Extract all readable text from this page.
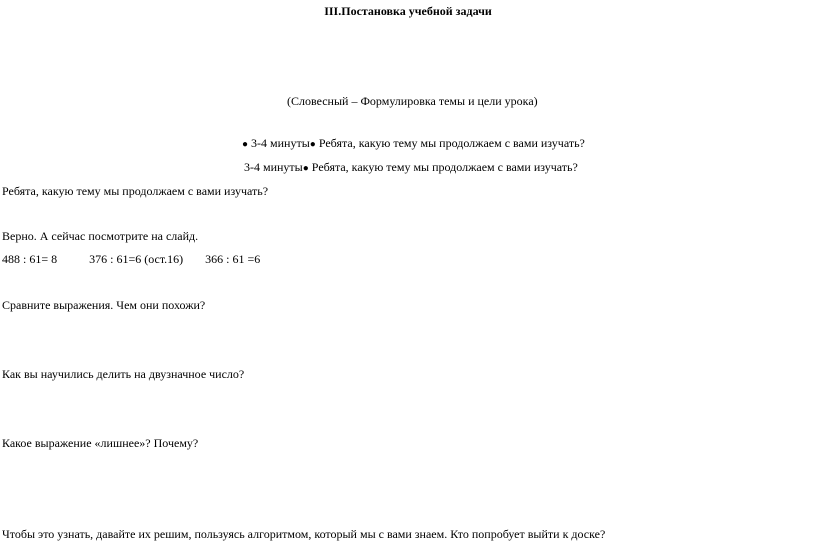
III.Постановка учебной задачи
(Словесный – Формулировка темы и цели урока)
● 3-4 минуты● Ребята, какую тему мы продолжаем с вами изучать?
3-4 минуты● Ребята, какую тему мы продолжаем с вами изучать?
Ребята, какую тему мы продолжаем с вами изучать?
Верно. А сейчас посмотрите на слайд.
488 : 61= 8	376 : 61=6 (ост.16) 366 : 61 =6
Сравните выражения. Чем они похожи?
Как вы научились делить на двузначное число?
Какое выражение «лишнее»? Почему?
Чтобы это узнать, давайте их решим, пользуясь алгоритмом, который мы с вами знаем. Кто попробует выйти к доске?
